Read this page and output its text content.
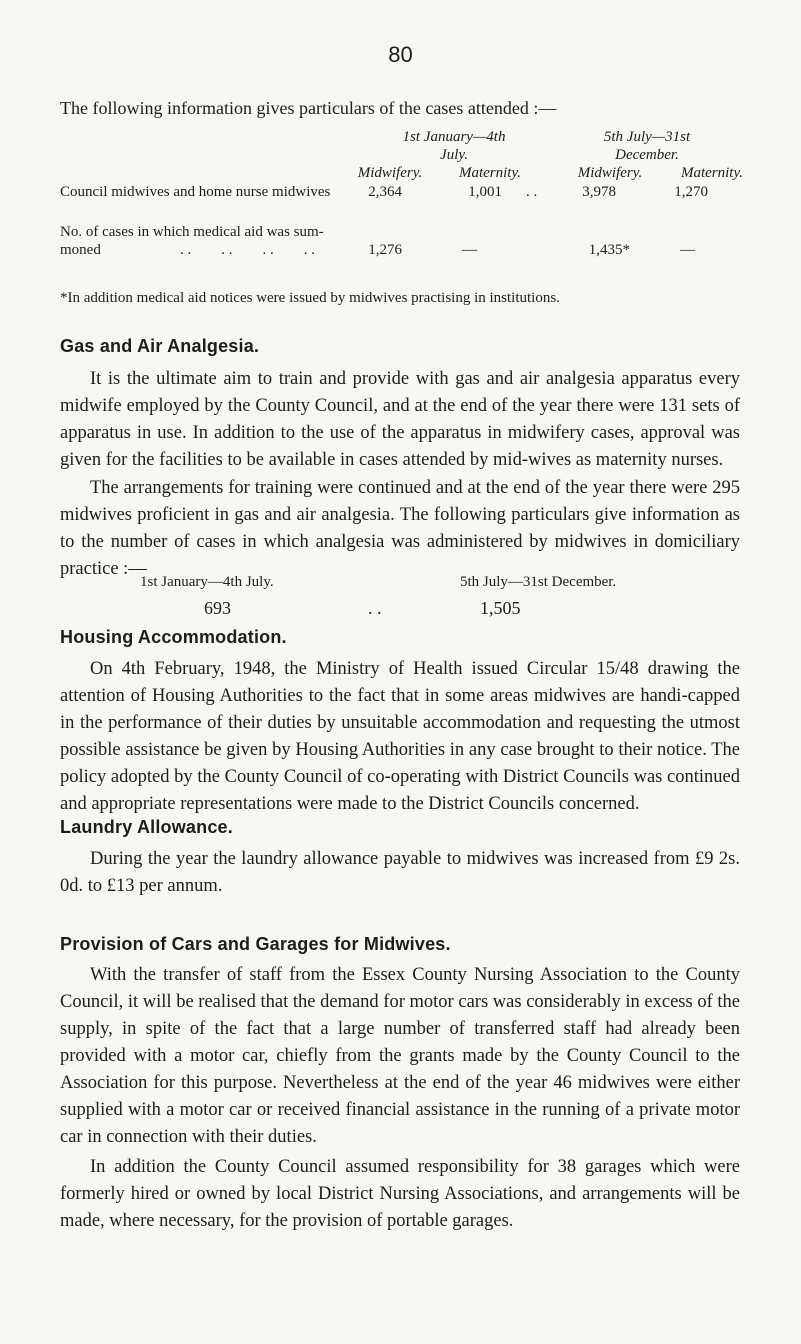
80
The following information gives particulars of the cases attended :—
1st January—4th
July.
5th July—31st
December.
Midwifery.	Maternity.	Midwifery.	Maternity.
Council midwives and home nurse midwives	2,364	1,001 . .	3,978	1,270
No. of cases in which medical aid was sum-
moned	. .        . .        . .        . .	1,276	—	1,435*	—
*In addition medical aid notices were issued by midwives practising in institutions.
Gas and Air Analgesia.

It is the ultimate aim to train and provide with gas and air analgesia apparatus every midwife employed by the County Council, and at the end of the year there were 131 sets of apparatus in use. In addition to the use of the apparatus in midwifery cases, approval was given for the facilities to be available in cases attended by mid-wives as maternity nurses.

The arrangements for training were continued and at the end of the year there were 295 midwives proficient in gas and air analgesia. The following particulars give information as to the number of cases in which analgesia was administered by midwives in domiciliary practice :—

1st January—4th July.	5th July—31st December.
693	. .	1,505
Housing Accommodation.

On 4th February, 1948, the Ministry of Health issued Circular 15/48 drawing the attention of Housing Authorities to the fact that in some areas midwives are handi-capped in the performance of their duties by unsuitable accommodation and requesting the utmost possible assistance be given by Housing Authorities in any case brought to their notice. The policy adopted by the County Council of co-operating with District Councils was continued and appropriate representations were made to the District Councils concerned.

Laundry Allowance.

During the year the laundry allowance payable to midwives was increased from £9 2s. 0d. to £13 per annum.

Provision of Cars and Garages for Midwives.

With the transfer of staff from the Essex County Nursing Association to the County Council, it will be realised that the demand for motor cars was considerably in excess of the supply, in spite of the fact that a large number of transferred staff had already been provided with a motor car, chiefly from the grants made by the County Council to the Association for this purpose. Nevertheless at the end of the year 46 midwives were either supplied with a motor car or received financial assistance in the running of a private motor car in connection with their duties.

In addition the County Council assumed responsibility for 38 garages which were formerly hired or owned by local District Nursing Associations, and arrangements will be made, where necessary, for the provision of portable garages.
